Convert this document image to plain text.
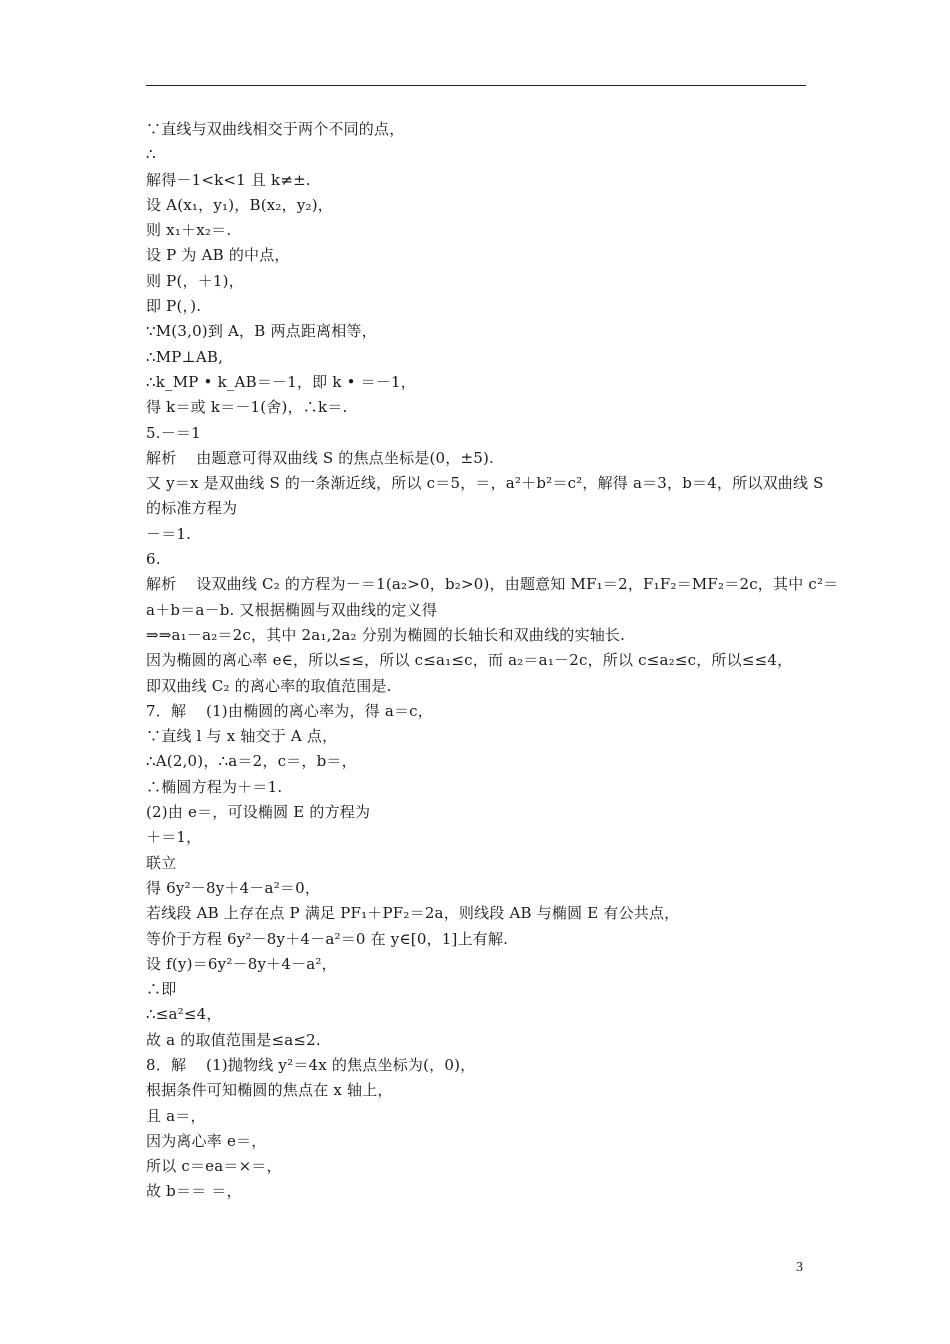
∵直线与双曲线相交于两个不同的点，
∴
解得－1<k<1 且 k≠±.
设 A(x₁，y₁)，B(x₂，y₂)，
则 x₁＋x₂＝.
设 P 为 AB 的中点，
则 P(，＋1)，
即 P(，).
∵M(3,0)到 A，B 两点距离相等，
∴MP⊥AB,
∴k_MP • k_AB＝－1，即 k • ＝－1，
得 k＝或 k＝－1(舍)，∴k＝.
5.－＝1
解析    由题意可得双曲线 S 的焦点坐标是(0，±5).
又 y＝x 是双曲线 S 的一条渐近线，所以 c＝5，＝，a²＋b²＝c²，解得 a＝3，b＝4，所以双曲线 S
的标准方程为
－＝1.
6.
解析    设双曲线 C₂ 的方程为－＝1(a₂>0，b₂>0)，由题意知 MF₁＝2，F₁F₂＝MF₂＝2c，其中 c²＝
a＋b＝a－b. 又根据椭圆与双曲线的定义得
⇒⇒a₁－a₂＝2c，其中 2a₁,2a₂ 分别为椭圆的长轴长和双曲线的实轴长.
因为椭圆的离心率 e∈，所以≤≤，所以 c≤a₁≤c，而 a₂＝a₁－2c，所以 c≤a₂≤c，所以≤≤4，
即双曲线 C₂ 的离心率的取值范围是.
7．解    (1)由椭圆的离心率为，得 a＝c，
∵直线 l 与 x 轴交于 A 点，
∴A(2,0)，∴a＝2，c＝，b＝，
∴椭圆方程为＋＝1.
(2)由 e＝，可设椭圆 E 的方程为
＋＝1，
联立
得 6y²－8y＋4－a²＝0，
若线段 AB 上存在点 P 满足 PF₁＋PF₂＝2a，则线段 AB 与椭圆 E 有公共点，
等价于方程 6y²－8y＋4－a²＝0 在 y∈[0，1]上有解.
设 f(y)＝6y²－8y＋4－a²，
∴即
∴≤a²≤4，
故 a 的取值范围是≤a≤2.
8．解    (1)抛物线 y²＝4x 的焦点坐标为(，0)，
根据条件可知椭圆的焦点在 x 轴上，
且 a＝，
因为离心率 e＝，
所以 c＝ea＝×＝，
故 b＝＝ ＝，
3
